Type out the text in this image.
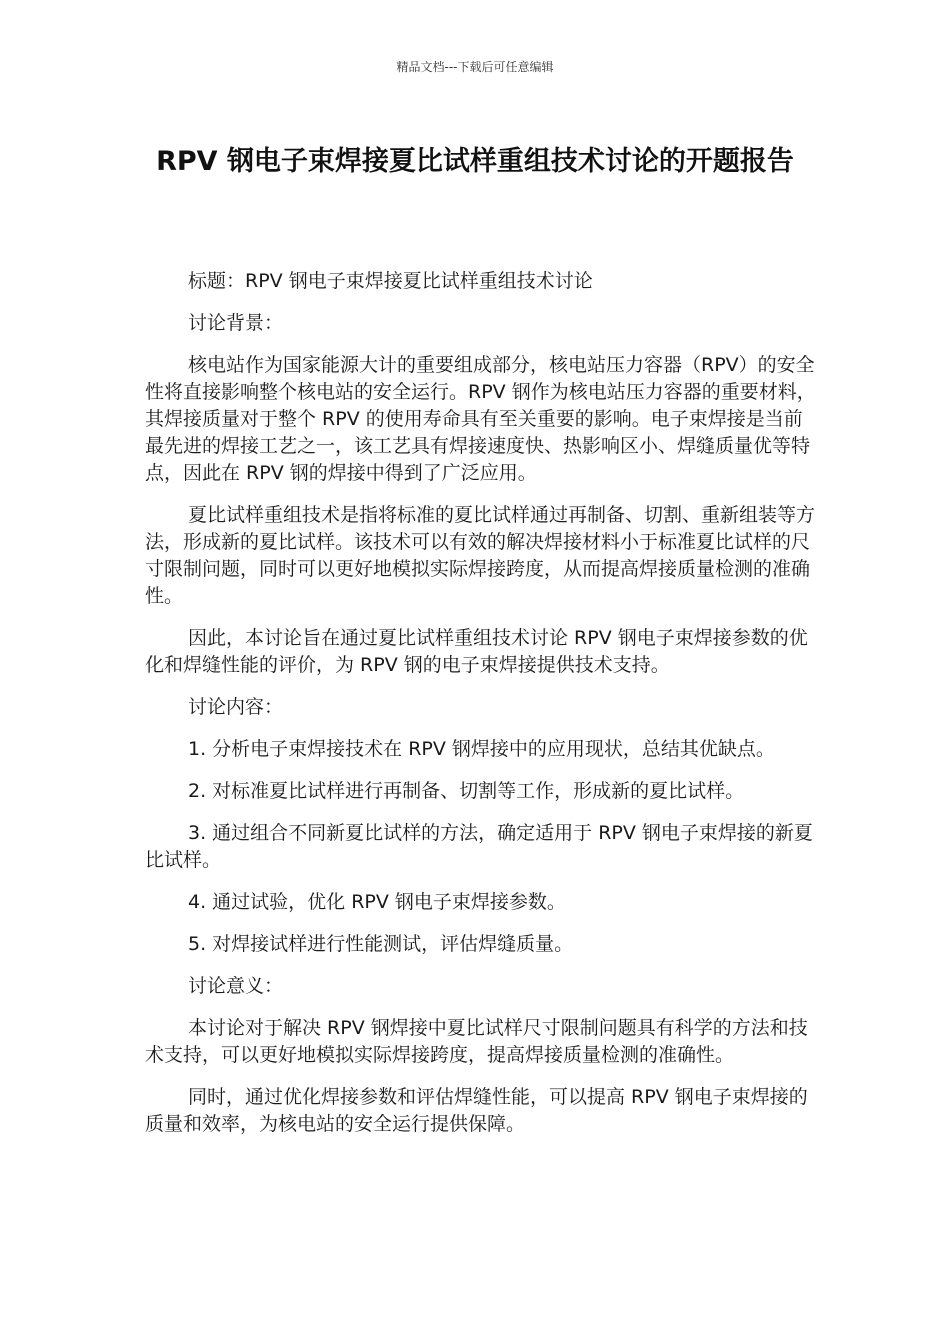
精品文档---下载后可任意编辑
RPV 钢电子束焊接夏比试样重组技术讨论的开题报告

标题：RPV 钢电子束焊接夏比试样重组技术讨论

讨论背景：

核电站作为国家能源大计的重要组成部分，核电站压力容器（RPV）的安全性将直接影响整个核电站的安全运行。RPV 钢作为核电站压力容器的重要材料，其焊接质量对于整个 RPV 的使用寿命具有至关重要的影响。电子束焊接是当前最先进的焊接工艺之一，该工艺具有焊接速度快、热影响区小、焊缝质量优等特点，因此在 RPV 钢的焊接中得到了广泛应用。

夏比试样重组技术是指将标准的夏比试样通过再制备、切割、重新组装等方法，形成新的夏比试样。该技术可以有效的解决焊接材料小于标准夏比试样的尺寸限制问题，同时可以更好地模拟实际焊接跨度，从而提高焊接质量检测的准确性。

因此，本讨论旨在通过夏比试样重组技术讨论 RPV 钢电子束焊接参数的优化和焊缝性能的评价，为 RPV 钢的电子束焊接提供技术支持。

讨论内容：

1. 分析电子束焊接技术在 RPV 钢焊接中的应用现状，总结其优缺点。

2. 对标准夏比试样进行再制备、切割等工作，形成新的夏比试样。

3. 通过组合不同新夏比试样的方法，确定适用于 RPV 钢电子束焊接的新夏比试样。

4. 通过试验，优化 RPV 钢电子束焊接参数。

5. 对焊接试样进行性能测试，评估焊缝质量。

讨论意义：

本讨论对于解决 RPV 钢焊接中夏比试样尺寸限制问题具有科学的方法和技术支持，可以更好地模拟实际焊接跨度，提高焊接质量检测的准确性。

同时，通过优化焊接参数和评估焊缝性能，可以提高 RPV 钢电子束焊接的质量和效率，为核电站的安全运行提供保障。
